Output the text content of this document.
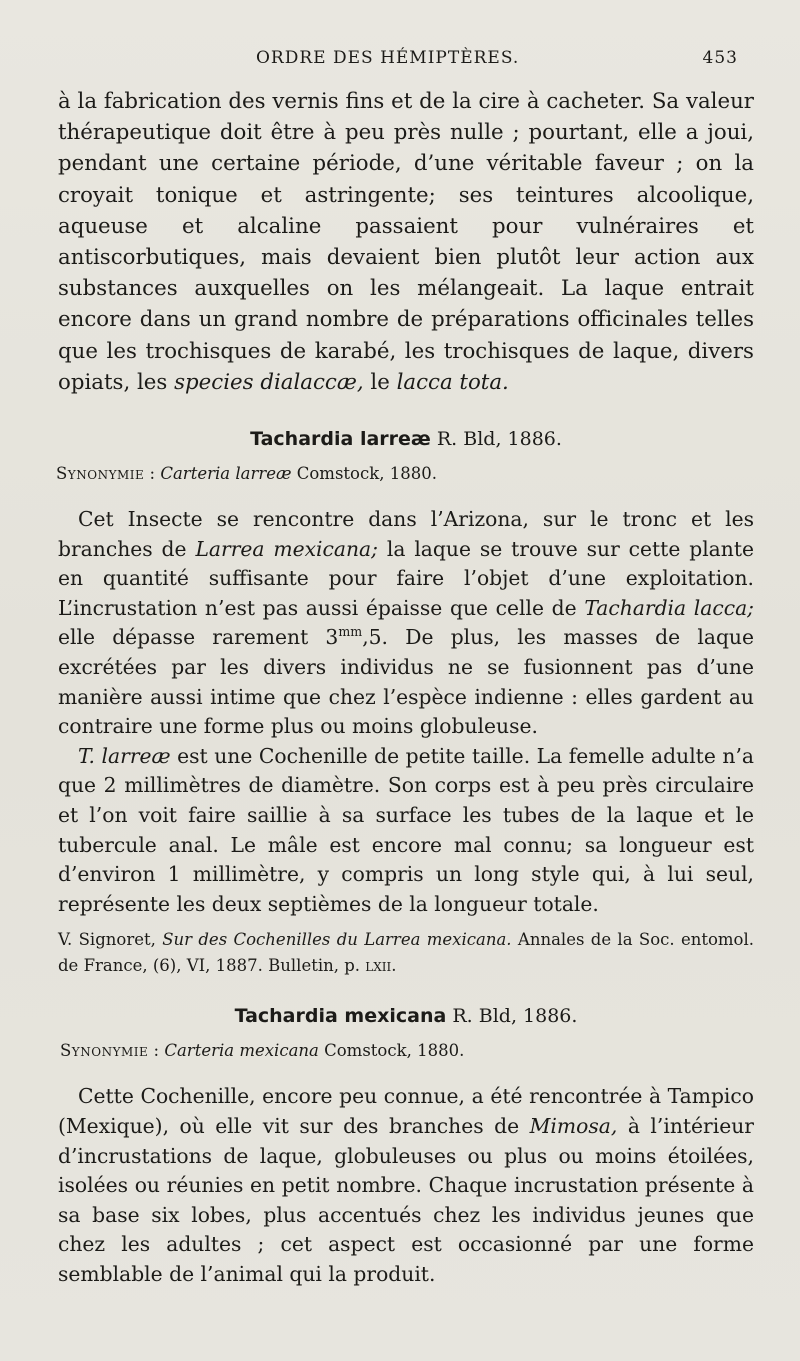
ORDRE DES HÉMIPTÈRES.	453

à la fabrication des vernis fins et de la cire à cacheter. Sa valeur thérapeutique doit être à peu près nulle ; pourtant, elle a joui, pendant une certaine période, d’une véritable faveur ; on la croyait tonique et astringente; ses teintures alcoolique, aqueuse et alcaline passaient pour vulnéraires et antiscorbutiques, mais devaient bien plutôt leur action aux substances auxquelles on les mélangeait. La laque entrait encore dans un grand nombre de préparations officinales telles que les trochisques de karabé, les trochisques de laque, divers opiats, les species dialaccæ, le lacca tota.

Tachardia larreæ R. Bld, 1886.

Synonymie : Carteria larreæ Comstock, 1880.

Cet Insecte se rencontre dans l’Arizona, sur le tronc et les branches de Larrea mexicana; la laque se trouve sur cette plante en quantité suffisante pour faire l’objet d’une exploitation. L’incrustation n’est pas aussi épaisse que celle de Tachardia lacca; elle dépasse rarement $3^{mm},5$. De plus, les masses de laque excrétées par les divers individus ne se fusionnent pas d’une manière aussi intime que chez l’espèce indienne : elles gardent au contraire une forme plus ou moins globuleuse.

T. larreæ est une Cochenille de petite taille. La femelle adulte n’a que 2 millimètres de diamètre. Son corps est à peu près circulaire et l’on voit faire saillie à sa surface les tubes de la laque et le tubercule anal. Le mâle est encore mal connu; sa longueur est d’environ 1 millimètre, y compris un long style qui, à lui seul, représente les deux septièmes de la longueur totale.

V. Signoret, Sur des Cochenilles du Larrea mexicana. Annales de la Soc. entomol. de France, (6), VI, 1887. Bulletin, p. lxii.

Tachardia mexicana R. Bld, 1886.

Synonymie : Carteria mexicana Comstock, 1880.

Cette Cochenille, encore peu connue, a été rencontrée à Tampico (Mexique), où elle vit sur des branches de Mimosa, à l’intérieur d’incrustations de laque, globuleuses ou plus ou moins étoilées, isolées ou réunies en petit nombre. Chaque incrustation présente à sa base six lobes, plus accentués chez les individus jeunes que chez les adultes ; cet aspect est occasionné par une forme semblable de l’animal qui la produit.
